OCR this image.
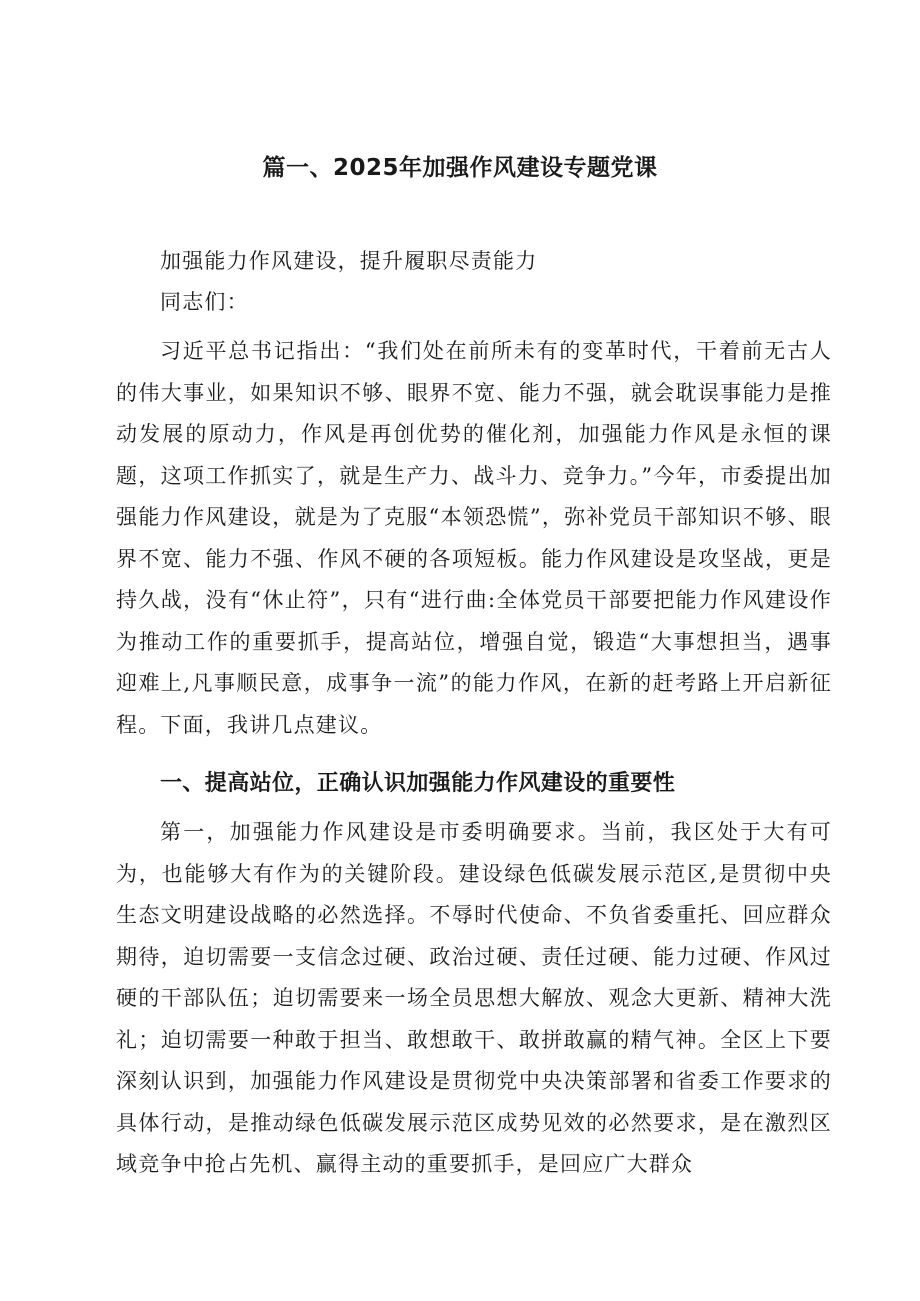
篇一、2025年加强作风建设专题党课

加强能力作风建设，提升履职尽责能力

同志们：

习近平总书记指出：“我们处在前所未有的变革时代，干着前无古人的伟大事业，如果知识不够、眼界不宽、能力不强，就会耽误事能力是推动发展的原动力，作风是再创优势的催化剂，加强能力作风是永恒的课题，这项工作抓实了，就是生产力、战斗力、竞争力。”今年，市委提出加强能力作风建设，就是为了克服“本领恐慌”，弥补党员干部知识不够、眼界不宽、能力不强、作风不硬的各项短板。能力作风建设是攻坚战，更是持久战，没有“休止符”，只有“进行曲:全体党员干部要把能力作风建设作为推动工作的重要抓手，提高站位，增强自觉，锻造“大事想担当，遇事迎难上,凡事顺民意，成事争一流”的能力作风，在新的赶考路上开启新征程。下面，我讲几点建议。

一、提高站位，正确认识加强能力作风建设的重要性

第一，加强能力作风建设是市委明确要求。当前，我区处于大有可为，也能够大有作为的关键阶段。建设绿色低碳发展示范区,是贯彻中央生态文明建设战略的必然选择。不辱时代使命、不负省委重托、回应群众期待，迫切需要一支信念过硬、政治过硬、责任过硬、能力过硬、作风过硬的干部队伍；迫切需要来一场全员思想大解放、观念大更新、精神大洗礼；迫切需要一种敢于担当、敢想敢干、敢拼敢赢的精气神。全区上下要深刻认识到，加强能力作风建设是贯彻党中央决策部署和省委工作要求的具体行动，是推动绿色低碳发展示范区成势见效的必然要求，是在激烈区域竞争中抢占先机、赢得主动的重要抓手，是回应广大群众
